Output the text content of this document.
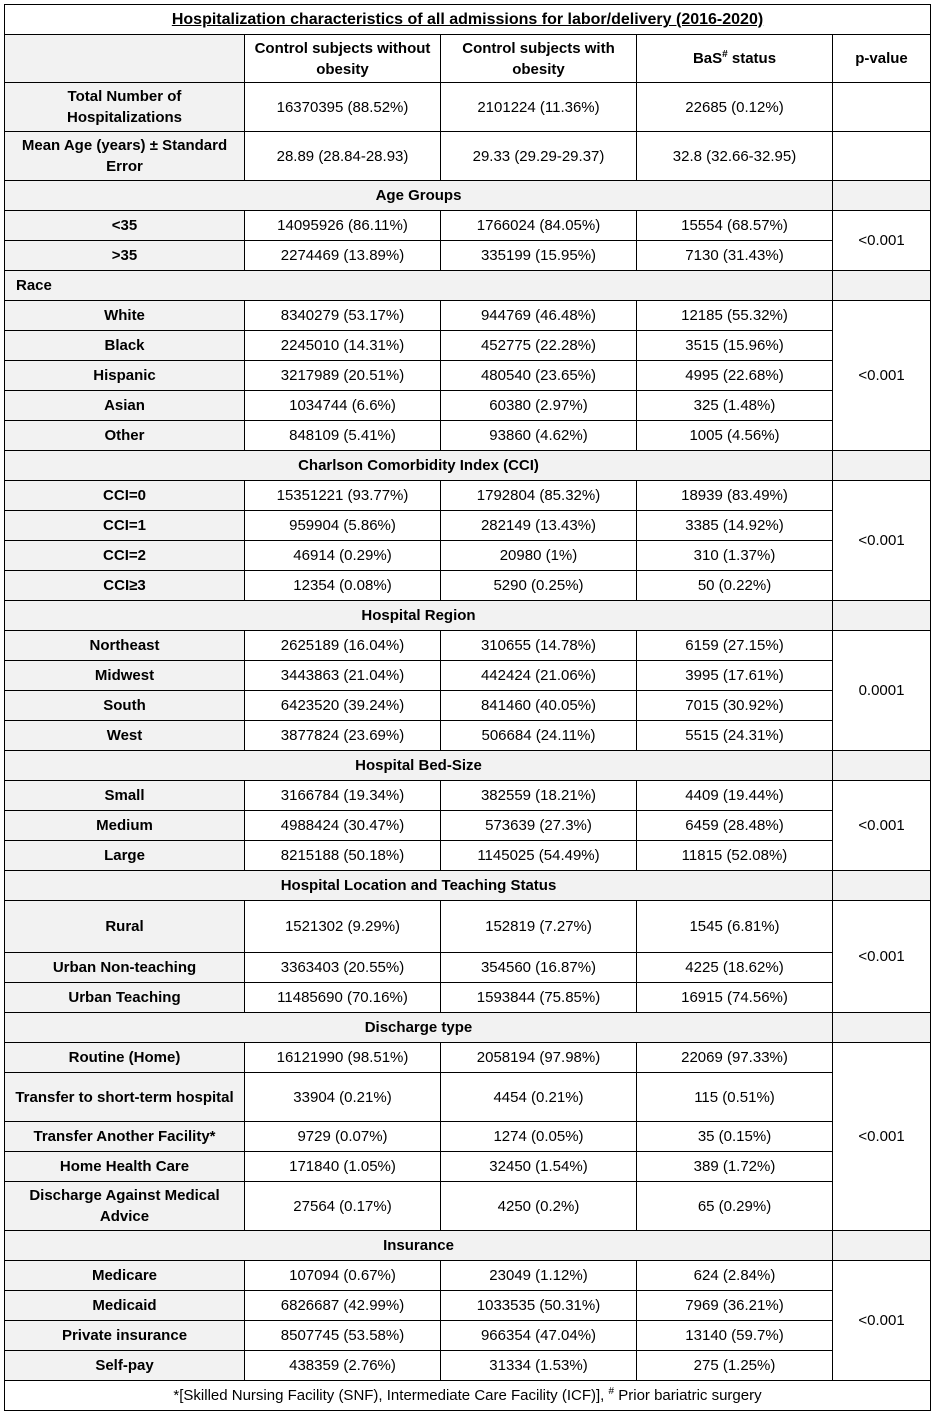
Hospitalization characteristics of all admissions for labor/delivery (2016-2020)				
	Control subjects without obesity	Control subjects with obesity	BaS# status	p-value
Total Number of Hospitalizations	16370395 (88.52%)	2101224 (11.36%)	22685 (0.12%)	
Mean Age (years) ± Standard Error	28.89 (28.84-28.93)	29.33 (29.29-29.37)	32.8 (32.66-32.95)	
Age Groups				
<35	14095926 (86.11%)	1766024 (84.05%)	15554 (68.57%)	<0.001
>35	2274469 (13.89%)	335199 (15.95%)	7130 (31.43%)	
Race				
White	8340279 (53.17%)	944769 (46.48%)	12185 (55.32%)	<0.001
Black	2245010 (14.31%)	452775 (22.28%)	3515 (15.96%)	
Hispanic	3217989 (20.51%)	480540 (23.65%)	4995 (22.68%)	
Asian	1034744 (6.6%)	60380 (2.97%)	325 (1.48%)	
Other	848109 (5.41%)	93860 (4.62%)	1005 (4.56%)	
Charlson Comorbidity Index (CCI)				
CCI=0	15351221 (93.77%)	1792804 (85.32%)	18939 (83.49%)	<0.001
CCI=1	959904 (5.86%)	282149 (13.43%)	3385 (14.92%)	
CCI=2	46914 (0.29%)	20980 (1%)	310 (1.37%)	
CCI≥3	12354 (0.08%)	5290 (0.25%)	50 (0.22%)	
Hospital Region				
Northeast	2625189 (16.04%)	310655 (14.78%)	6159 (27.15%)	0.0001
Midwest	3443863 (21.04%)	442424 (21.06%)	3995 (17.61%)	
South	6423520 (39.24%)	841460 (40.05%)	7015 (30.92%)	
West	3877824 (23.69%)	506684 (24.11%)	5515 (24.31%)	
Hospital Bed-Size				
Small	3166784 (19.34%)	382559 (18.21%)	4409 (19.44%)	<0.001
Medium	4988424 (30.47%)	573639 (27.3%)	6459 (28.48%)	
Large	8215188 (50.18%)	1145025 (54.49%)	11815 (52.08%)	
Hospital Location and Teaching Status				
Rural	1521302 (9.29%)	152819 (7.27%)	1545 (6.81%)	<0.001
Urban Non-teaching	3363403 (20.55%)	354560 (16.87%)	4225 (18.62%)	
Urban Teaching	11485690 (70.16%)	1593844 (75.85%)	16915 (74.56%)	
Discharge type				
Routine (Home)	16121990 (98.51%)	2058194 (97.98%)	22069 (97.33%)	<0.001
Transfer to short-term hospital	33904 (0.21%)	4454 (0.21%)	115 (0.51%)	
Transfer Another Facility*	9729 (0.07%)	1274 (0.05%)	35 (0.15%)	
Home Health Care	171840 (1.05%)	32450 (1.54%)	389 (1.72%)	
Discharge Against Medical Advice	27564 (0.17%)	4250 (0.2%)	65 (0.29%)	
Insurance				
Medicare	107094 (0.67%)	23049 (1.12%)	624 (2.84%)	<0.001
Medicaid	6826687 (42.99%)	1033535 (50.31%)	7969 (36.21%)	
Private insurance	8507745 (53.58%)	966354 (47.04%)	13140 (59.7%)	
Self-pay	438359 (2.76%)	31334 (1.53%)	275 (1.25%)	
*[Skilled Nursing Facility (SNF), Intermediate Care Facility (ICF)], # Prior bariatric surgery				
